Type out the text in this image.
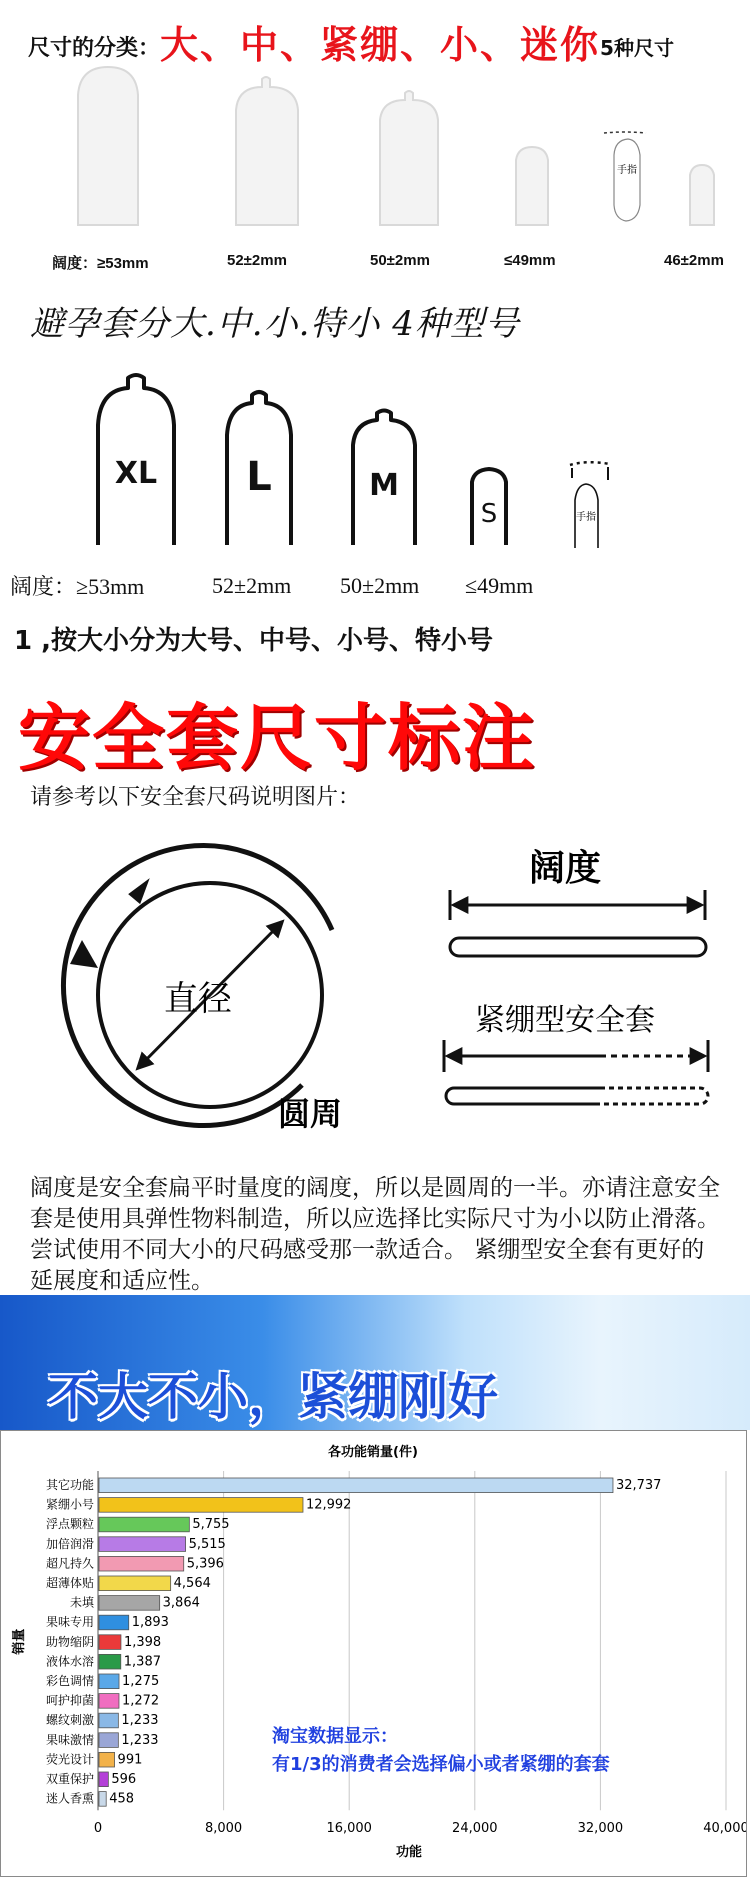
尺寸的分类：大、中、紧绷、小、迷你5种尺寸
手指
阔度：≥53mm	52±2mm	50±2mm	≤49mm	46±2mm
避孕套分大.中.小.特小 4种型号
手指
XL L	M
S
阔度：≥53mm	52±2mm 50±2mm ≤49mm
1 ,按大小分为大号、中号、小号、特小号
安全套尺寸标注
请参考以下安全套尺码说明图片：
直径
圆周
阔度
紧绷型安全套
阔度是安全套扁平时量度的阔度，所以是圆周的一半。亦请注意安全套是使用具弹性物料制造，所以应选择比实际尺寸为小以防止滑落。 尝试使用不同大小的尺码感受那一款适合。 紧绷型安全套有更好的延展度和适应性。
不大不小，紧绷刚好
各功能销量(件)
0	8,000	16,000	24,000	32,000	40,000
其它功能	32,737
紧绷小号	12,992
浮点颗粒	5,755
加倍润滑	5,515
超凡持久	5,396
超薄体贴	4,564
未填	3,864
果味专用	1,893
助物缩阴 1,398
液体水溶 1,387
彩色调情 1,275
呵护抑菌 1,272
螺纹刺激 1,233
果味激情 1,233
荧光设计 991
双重保护 596
迷人香熏 458
功能
销量
淘宝数据显示：
有1/3的消费者会选择偏小或者紧绷的套套
